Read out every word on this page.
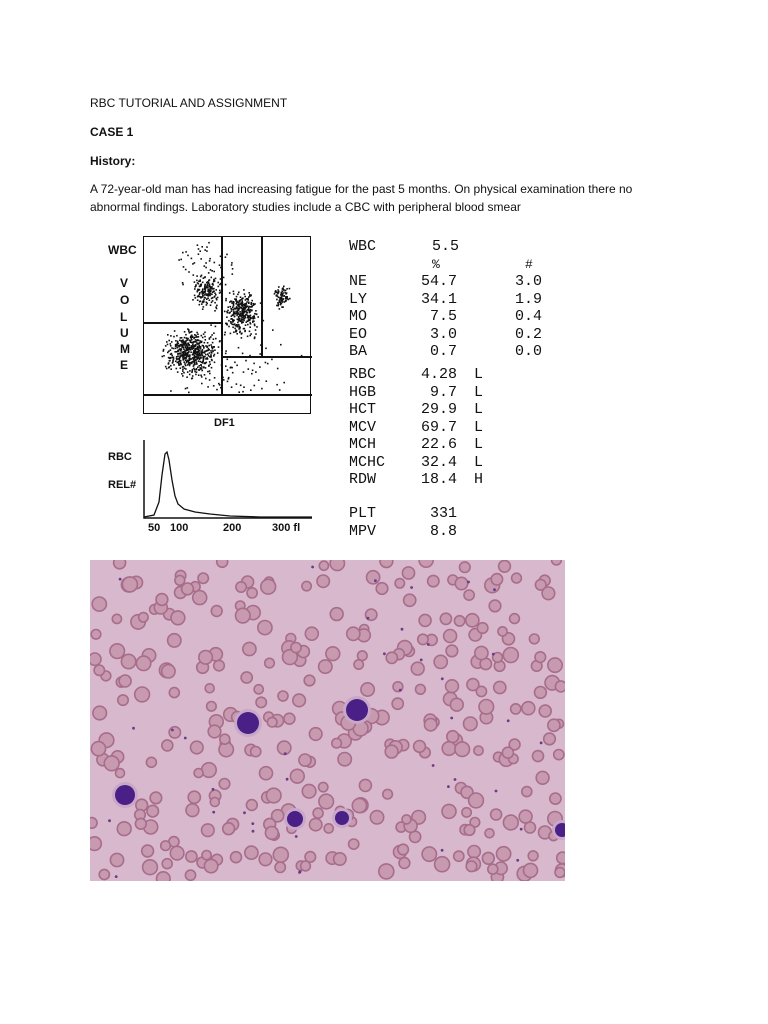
RBC TUTORIAL AND ASSIGNMENT
CASE 1
History:
A 72-year-old man has had increasing fatigue for the past 5 months. On physical examination there no abnormal findings. Laboratory studies include a CBC with peripheral blood smear
WBC
V
O
L
U
M
E
DF1
RBC
REL#
50 100	200	300 fl
WBC	5.5
%	#
NE	54.7	3.0
LY	34.1	1.9
MO	7.5	0.4
EO	3.0	0.2
BA	0.7	0.0
RBC 4.28 L
HGB 9.7 L
HCT 29.9 L
MCV 69.7 L
MCH 22.6 L
MCHC 32.4 L
RDW 18.4 H
PLT 331
MPV 8.8
